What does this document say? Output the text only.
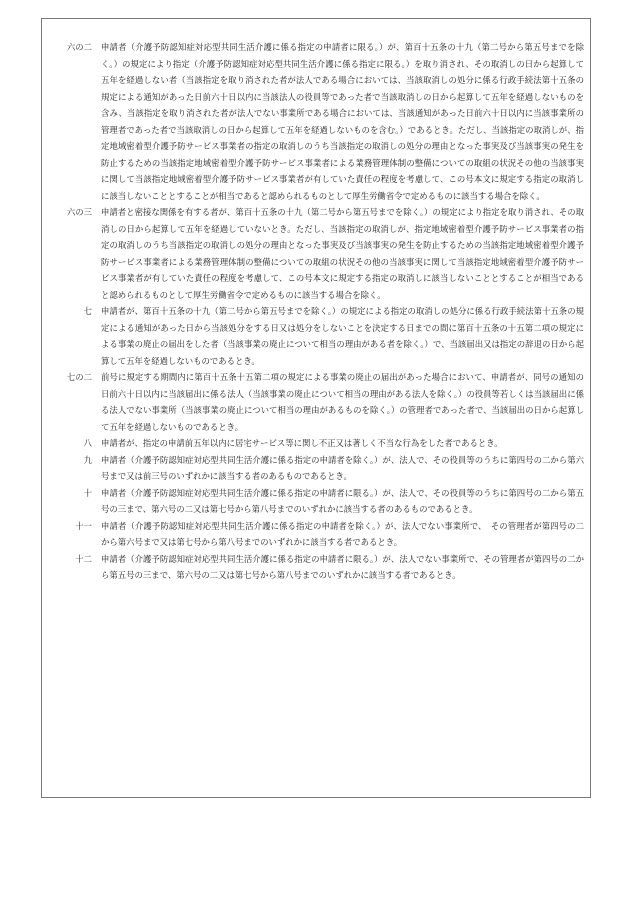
六の二	申請者（介護予防認知症対応型共同生活介護に係る指定の申請者に限る。）が、第百十五条の十九（第二号から第五号までを除く。）の規定により指定（介護予防認知症対応型共同生活介護に係る指定に限る。）を取り消され、その取消しの日から起算して五年を経過しない者（当該指定を取り消された者が法人である場合においては、当該取消しの処分に係る行政手続法第十五条の規定による通知があった日前六十日以内に当該法人の役員等であった者で当該取消しの日から起算して五年を経過しないものを含み、当該指定を取り消された者が法人でない事業所である場合においては、当該通知があった日前六十日以内に当該事業所の管理者であった者で当該取消しの日から起算して五年を経過しないものを含む。）であるとき。ただし、当該指定の取消しが、指定地域密着型介護予防サービス事業者の指定の取消しのうち当該指定の取消しの処分の理由となった事実及び当該事実の発生を防止するための当該指定地域密着型介護予防サービス事業者による業務管理体制の整備についての取組の状況その他の当該事実に関して当該指定地域密着型介護予防サービス事業者が有していた責任の程度を考慮して、この号本文に規定する指定の取消しに該当しないこととすることが相当であると認められるものとして厚生労働省令で定めるものに該当する場合を除く。
六の三	申請者と密接な関係を有する者が、第百十五条の十九（第二号から第五号までを除く。）の規定により指定を取り消され、その取消しの日から起算して五年を経過していないとき。ただし、当該指定の取消しが、指定地域密着型介護予防サービス事業者の指定の取消しのうち当該指定の取消しの処分の理由となった事実及び当該事実の発生を防止するための当該指定地域密着型介護予防サービス事業者による業務管理体制の整備についての取組の状況その他の当該事実に関して当該指定地域密着型介護予防サービス事業者が有していた責任の程度を考慮して、この号本文に規定する指定の取消しに該当しないこととすることが相当であると認められるものとして厚生労働省令で定めるものに該当する場合を除く。
七	申請者が、第百十五条の十九（第二号から第五号までを除く。）の規定による指定の取消しの処分に係る行政手続法第十五条の規定による通知があった日から当該処分をする日又は処分をしないことを決定する日までの間に第百十五条の十五第二項の規定による事業の廃止の届出をした者（当該事業の廃止について相当の理由がある者を除く。）で、当該届出又は指定の辞退の日から起算して五年を経過しないものであるとき。
七の二	前号に規定する期間内に第百十五条十五第二項の規定による事業の廃止の届出があった場合において、申請者が、同号の通知の日前六十日以内に当該届出に係る法人（当該事業の廃止について相当の理由がある法人を除く。）の役員等若しくは当該届出に係る法人でない事業所（当該事業の廃止について相当の理由があるものを除く。）の管理者であった者で、当該届出の日から起算して五年を経過しないものであるとき。
八	申請者が、指定の申請前五年以内に居宅サービス等に関し不正又は著しく不当な行為をした者であるとき。
九	申請者（介護予防認知症対応型共同生活介護に係る指定の申請者を除く。）が、法人で、その役員等のうちに第四号の二から第六号まで又は前三号のいずれかに該当する者のあるものであるとき。
十	申請者（介護予防認知症対応型共同生活介護に係る指定の申請者に限る。）が、法人で、その役員等のうちに第四号の二から第五号の三まで、第六号の二又は第七号から第八号までのいずれかに該当する者のあるものであるとき。
十一	申請者（介護予防認知症対応型共同生活介護に係る指定の申請者を除く。）が、法人でない事業所で、　その管理者が第四号の二から第六号まで又は第七号から第八号までのいずれかに該当する者であるとき。
十二	申請者（介護予防認知症対応型共同生活介護に係る指定の申請者に限る。）が、法人でない事業所で、その管理者が第四号の二から第五号の三まで、第六号の二又は第七号から第八号までのいずれかに該当する者であるとき。
